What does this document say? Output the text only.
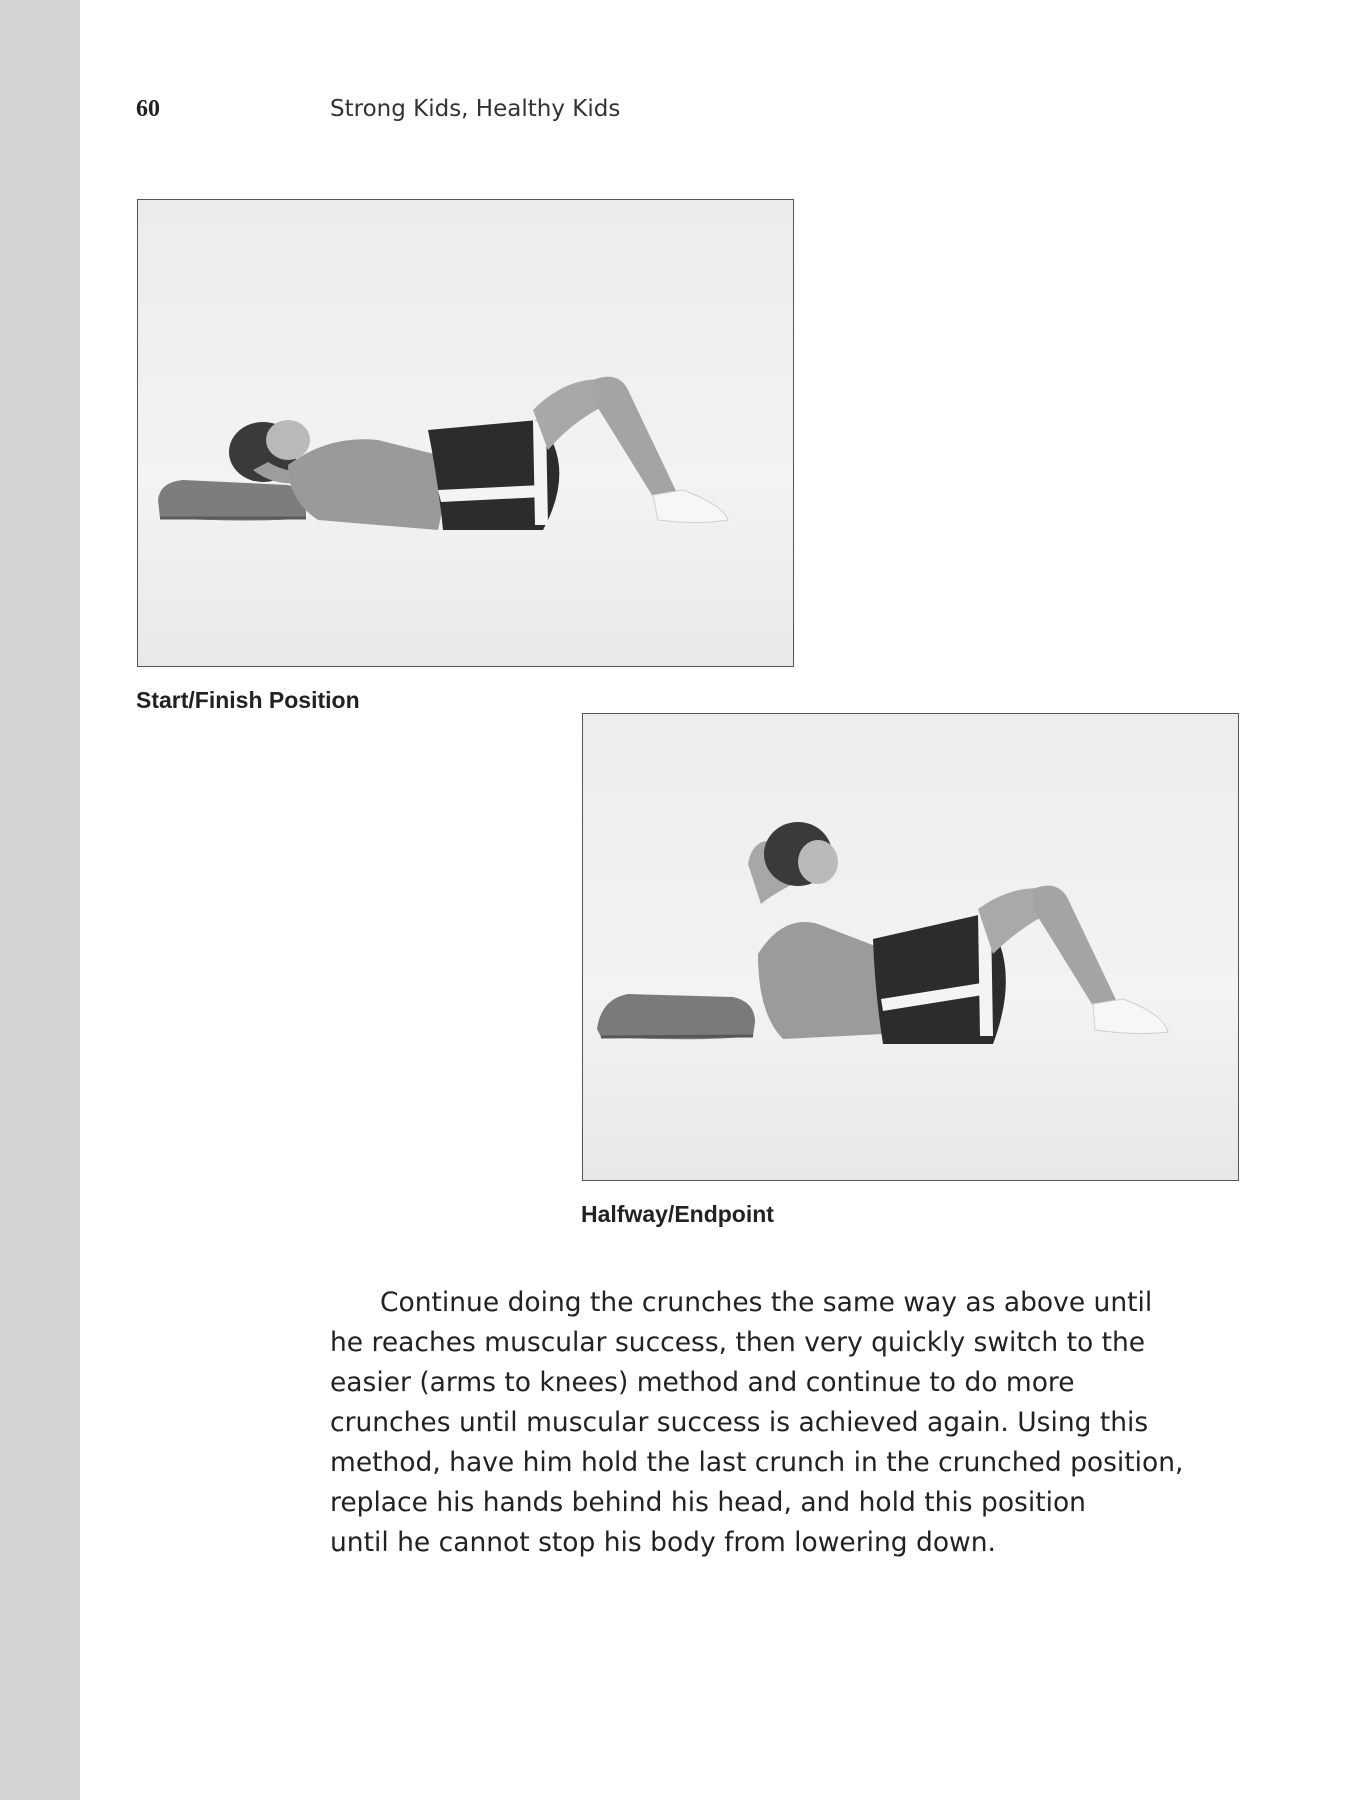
60	Strong Kids, Healthy Kids
Start/Finish Position
Halfway/Endpoint
Continue doing the crunches the same way as above until
he reaches muscular success, then very quickly switch to the
easier (arms to knees) method and continue to do more
crunches until muscular success is achieved again. Using this
method, have him hold the last crunch in the crunched position,
replace his hands behind his head, and hold this position
until he cannot stop his body from lowering down.
